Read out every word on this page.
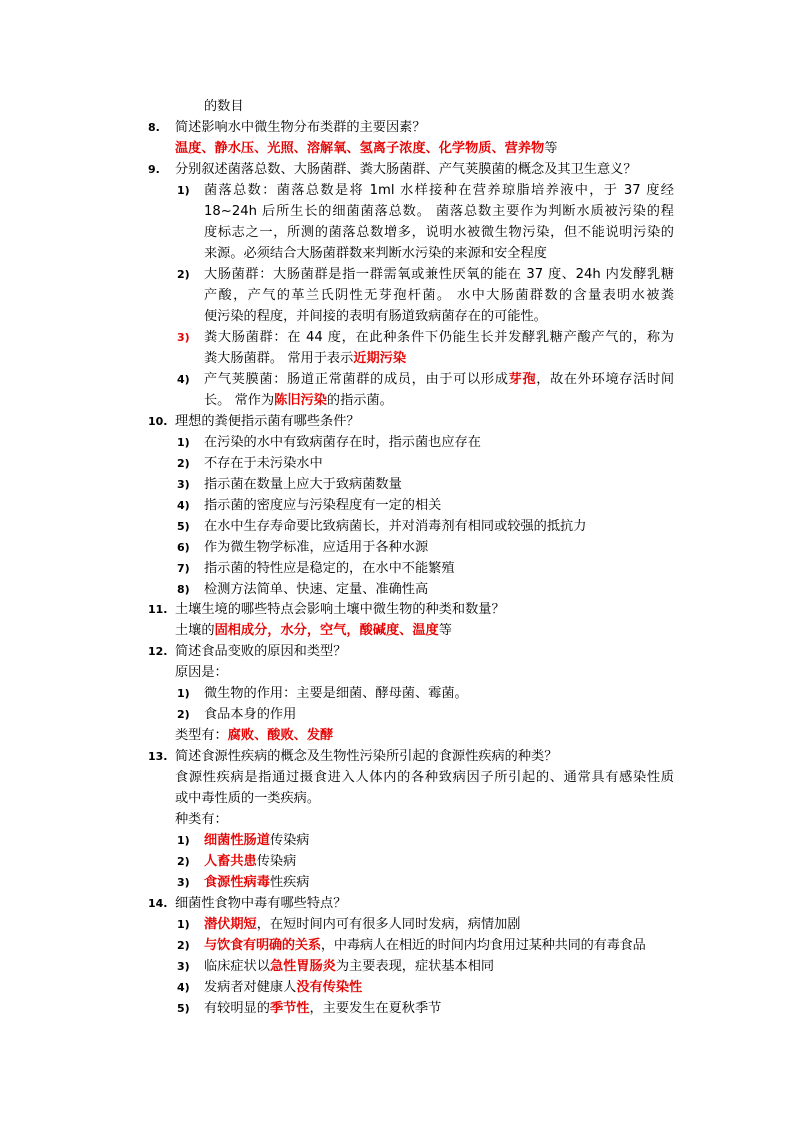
的数目
8. 简述影响水中微生物分布类群的主要因素？
温度、静水压、光照、溶解氧、氢离子浓度、化学物质、营养物等
9. 分别叙述菌落总数、大肠菌群、粪大肠菌群、产气荚膜菌的概念及其卫生意义？
1) 菌落总数：菌落总数是将 1ml 水样接种在营养琼脂培养液中，于 37 度经
18~24h 后所生长的细菌菌落总数。 菌落总数主要作为判断水质被污染的程
度标志之一，所测的菌落总数增多，说明水被微生物污染，但不能说明污染的
来源。必须结合大肠菌群数来判断水污染的来源和安全程度
2) 大肠菌群：大肠菌群是指一群需氧或兼性厌氧的能在 37 度、24h 内发酵乳糖
产酸，产气的革兰氏阴性无芽孢杆菌。 水中大肠菌群数的含量表明水被粪
便污染的程度，并间接的表明有肠道致病菌存在的可能性。
3) 粪大肠菌群：在 44 度，在此种条件下仍能生长并发酵乳糖产酸产气的，称为
粪大肠菌群。 常用于表示近期污染
4) 产气荚膜菌：肠道正常菌群的成员，由于可以形成芽孢，故在外环境存活时间
长。 常作为陈旧污染的指示菌。
10. 理想的粪便指示菌有哪些条件？
1) 在污染的水中有致病菌存在时，指示菌也应存在
2) 不存在于未污染水中
3) 指示菌在数量上应大于致病菌数量
4) 指示菌的密度应与污染程度有一定的相关
5) 在水中生存寿命要比致病菌长，并对消毒剂有相同或较强的抵抗力
6) 作为微生物学标准，应适用于各种水源
7) 指示菌的特性应是稳定的，在水中不能繁殖
8) 检测方法简单、快速、定量、准确性高
11. 土壤生境的哪些特点会影响土壤中微生物的种类和数量？
土壤的固相成分，水分，空气，酸碱度、温度等
12. 简述食品变败的原因和类型？
原因是：
1) 微生物的作用：主要是细菌、酵母菌、霉菌。
2) 食品本身的作用
类型有：腐败、酸败、发酵
13. 简述食源性疾病的概念及生物性污染所引起的食源性疾病的种类？
食源性疾病是指通过摄食进入人体内的各种致病因子所引起的、通常具有感染性质
或中毒性质的一类疾病。
种类有：
1) 细菌性肠道传染病
2) 人畜共患传染病
3) 食源性病毒性疾病
14. 细菌性食物中毒有哪些特点？
1) 潜伏期短，在短时间内可有很多人同时发病，病情加剧
2) 与饮食有明确的关系，中毒病人在相近的时间内均食用过某种共同的有毒食品
3) 临床症状以急性胃肠炎为主要表现，症状基本相同
4) 发病者对健康人没有传染性
5) 有较明显的季节性，主要发生在夏秋季节
